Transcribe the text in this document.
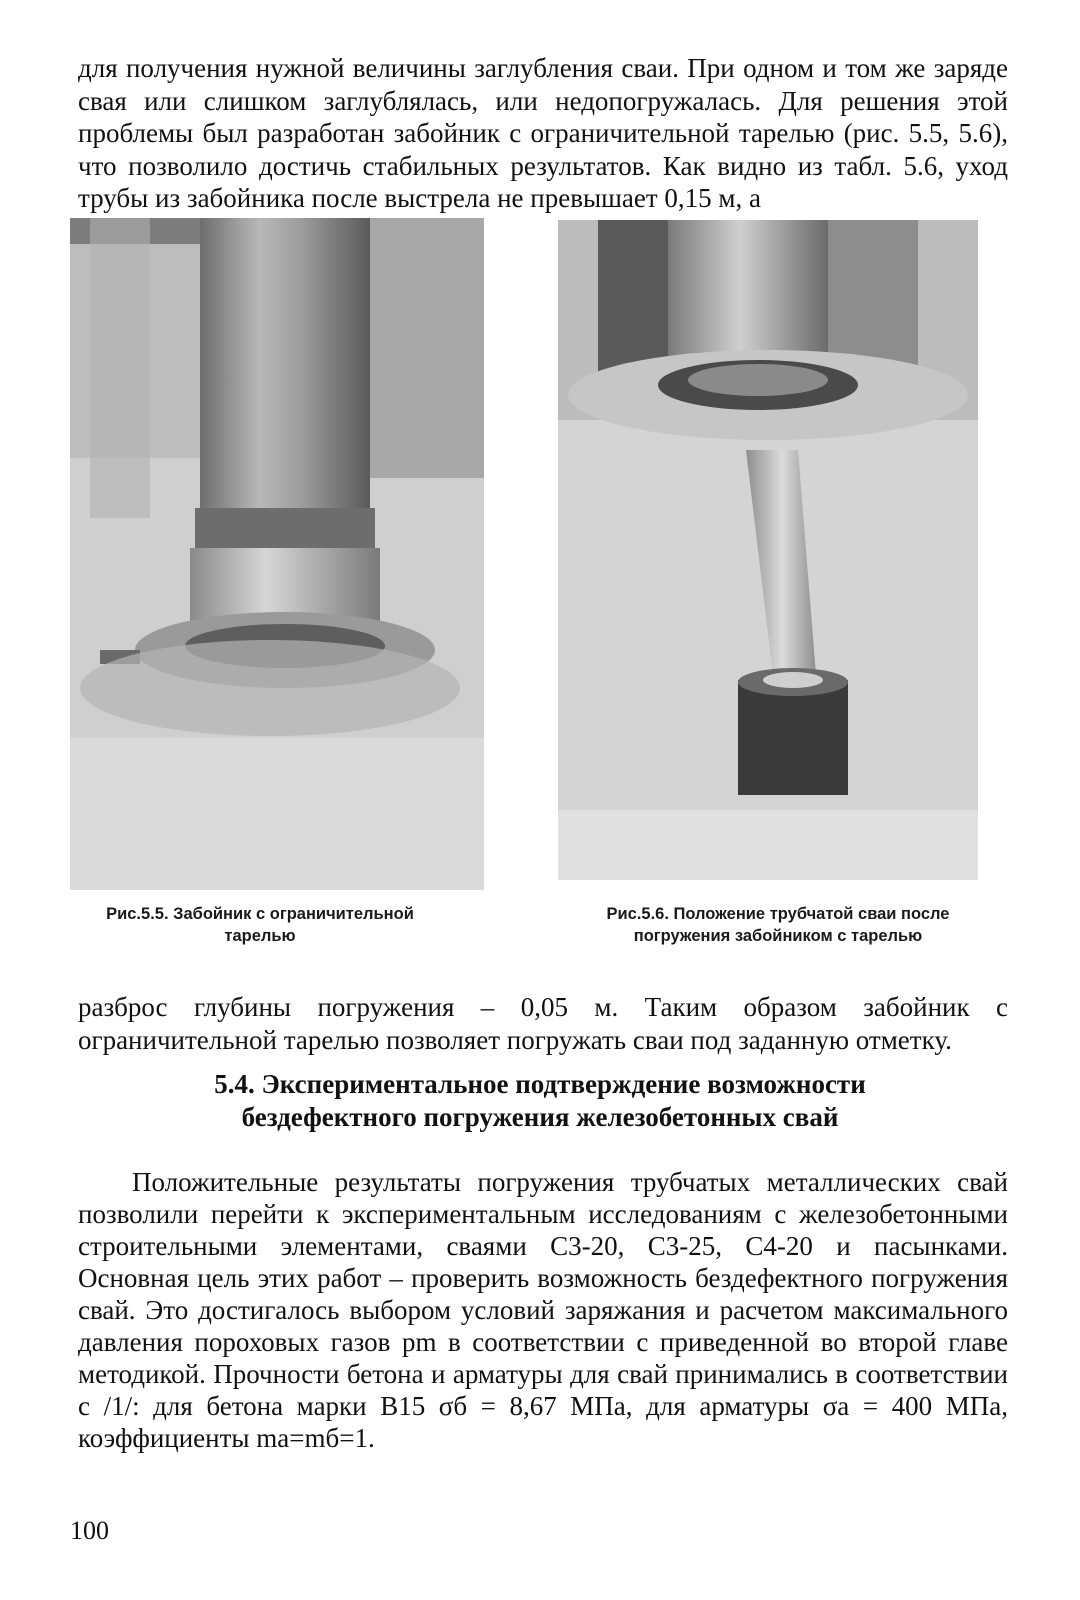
для получения нужной величины заглубления сваи. При одном и том же заряде свая или слишком заглублялась, или недопогружалась. Для решения этой проблемы был разработан забойник с ограничительной тарелью (рис. 5.5, 5.6), что позволило достичь стабильных результатов. Как видно из табл. 5.6, уход трубы из забойника после выстрела не превышает 0,15 м, а

Рис.5.5. Забойник с ограничительной тарелью

Рис.5.6. Положение трубчатой сваи после погружения забойником с тарелью

разброс глубины погружения – 0,05 м. Таким образом забойник с ограничительной тарелью позволяет погружать сваи под заданную отметку.

5.4. Экспериментальное подтверждение возможности
бездефектного погружения железобетонных свай

Положительные результаты погружения трубчатых металлических свай позволили перейти к экспериментальным исследованиям с железобетонными строительными элементами, сваями С3-20, С3-25, С4-20 и пасынками. Основная цель этих работ – проверить возможность бездефектного погружения свай. Это достигалось выбором условий заряжания и расчетом максимального давления пороховых газов pm в соответствии с приведенной во второй главе методикой. Прочности бетона и арматуры для свай принимались в соответствии с /1/: для бетона марки В15 σб = 8,67 МПа, для арматуры σа = 400 МПа, коэффициенты mа=mб=1.

100
